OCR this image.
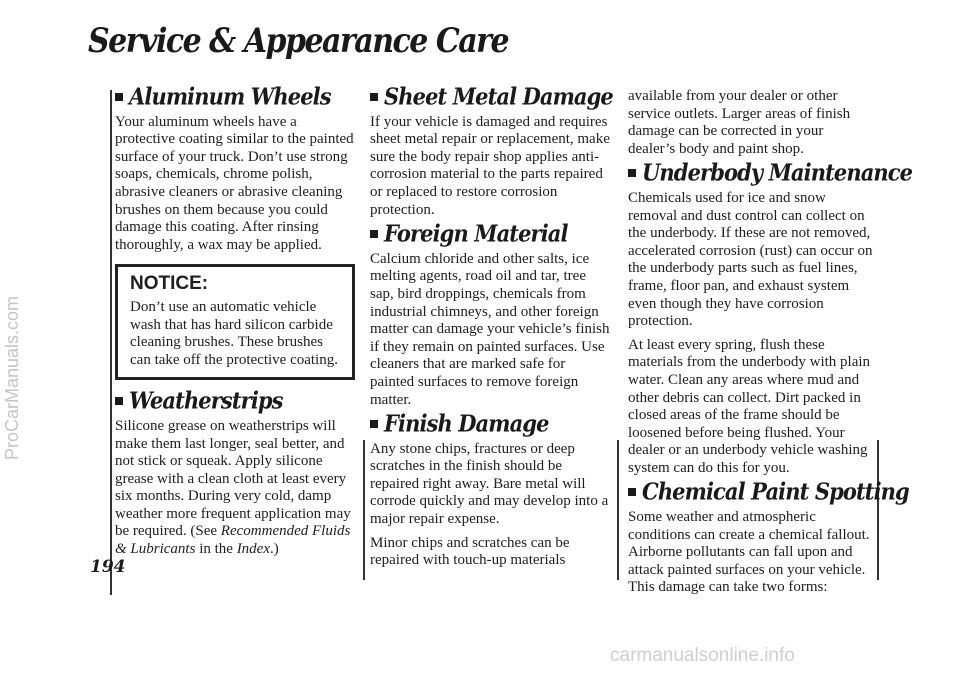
Service & Appearance Care
ProCarManuals.com
194
Aluminum Wheels

Your aluminum wheels have a protective coating similar to the painted surface of your truck. Don’t use strong soaps, chemicals, chrome polish, abrasive cleaners or abrasive cleaning brushes on them because you could damage this coating. After rinsing thoroughly, a wax may be applied.

NOTICE:

Don’t use an automatic vehicle wash that has hard silicon carbide cleaning brushes. These brushes can take off the protective coating.

Weatherstrips

Silicone grease on weatherstrips will make them last longer, seal better, and not stick or squeak. Apply silicone grease with a clean cloth at least every six months. During very cold, damp weather more frequent application may be required. (See Recommended Fluids & Lubricants in the Index.)

Sheet Metal Damage

If your vehicle is damaged and requires sheet metal repair or replacement, make sure the body repair shop applies anti-corrosion material to the parts repaired or replaced to restore corrosion protection.

Foreign Material

Calcium chloride and other salts, ice melting agents, road oil and tar, tree sap, bird droppings, chemicals from industrial chimneys, and other foreign matter can damage your vehicle’s finish if they remain on painted surfaces. Use cleaners that are marked safe for painted surfaces to remove foreign matter.

Finish Damage

Any stone chips, fractures or deep scratches in the finish should be repaired right away. Bare metal will corrode quickly and may develop into a major repair expense.

Minor chips and scratches can be repaired with touch-up materials

available from your dealer or other service outlets. Larger areas of finish damage can be corrected in your dealer’s body and paint shop.

Underbody Maintenance

Chemicals used for ice and snow removal and dust control can collect on the underbody. If these are not removed, accelerated corrosion (rust) can occur on the underbody parts such as fuel lines, frame, floor pan, and exhaust system even though they have corrosion protection.

At least every spring, flush these materials from the underbody with plain water. Clean any areas where mud and other debris can collect. Dirt packed in closed areas of the frame should be loosened before being flushed. Your dealer or an underbody vehicle washing system can do this for you.

Chemical Paint Spotting

Some weather and atmospheric conditions can create a chemical fallout. Airborne pollutants can fall upon and attack painted surfaces on your vehicle. This damage can take two forms:

carmanualsonline.info
